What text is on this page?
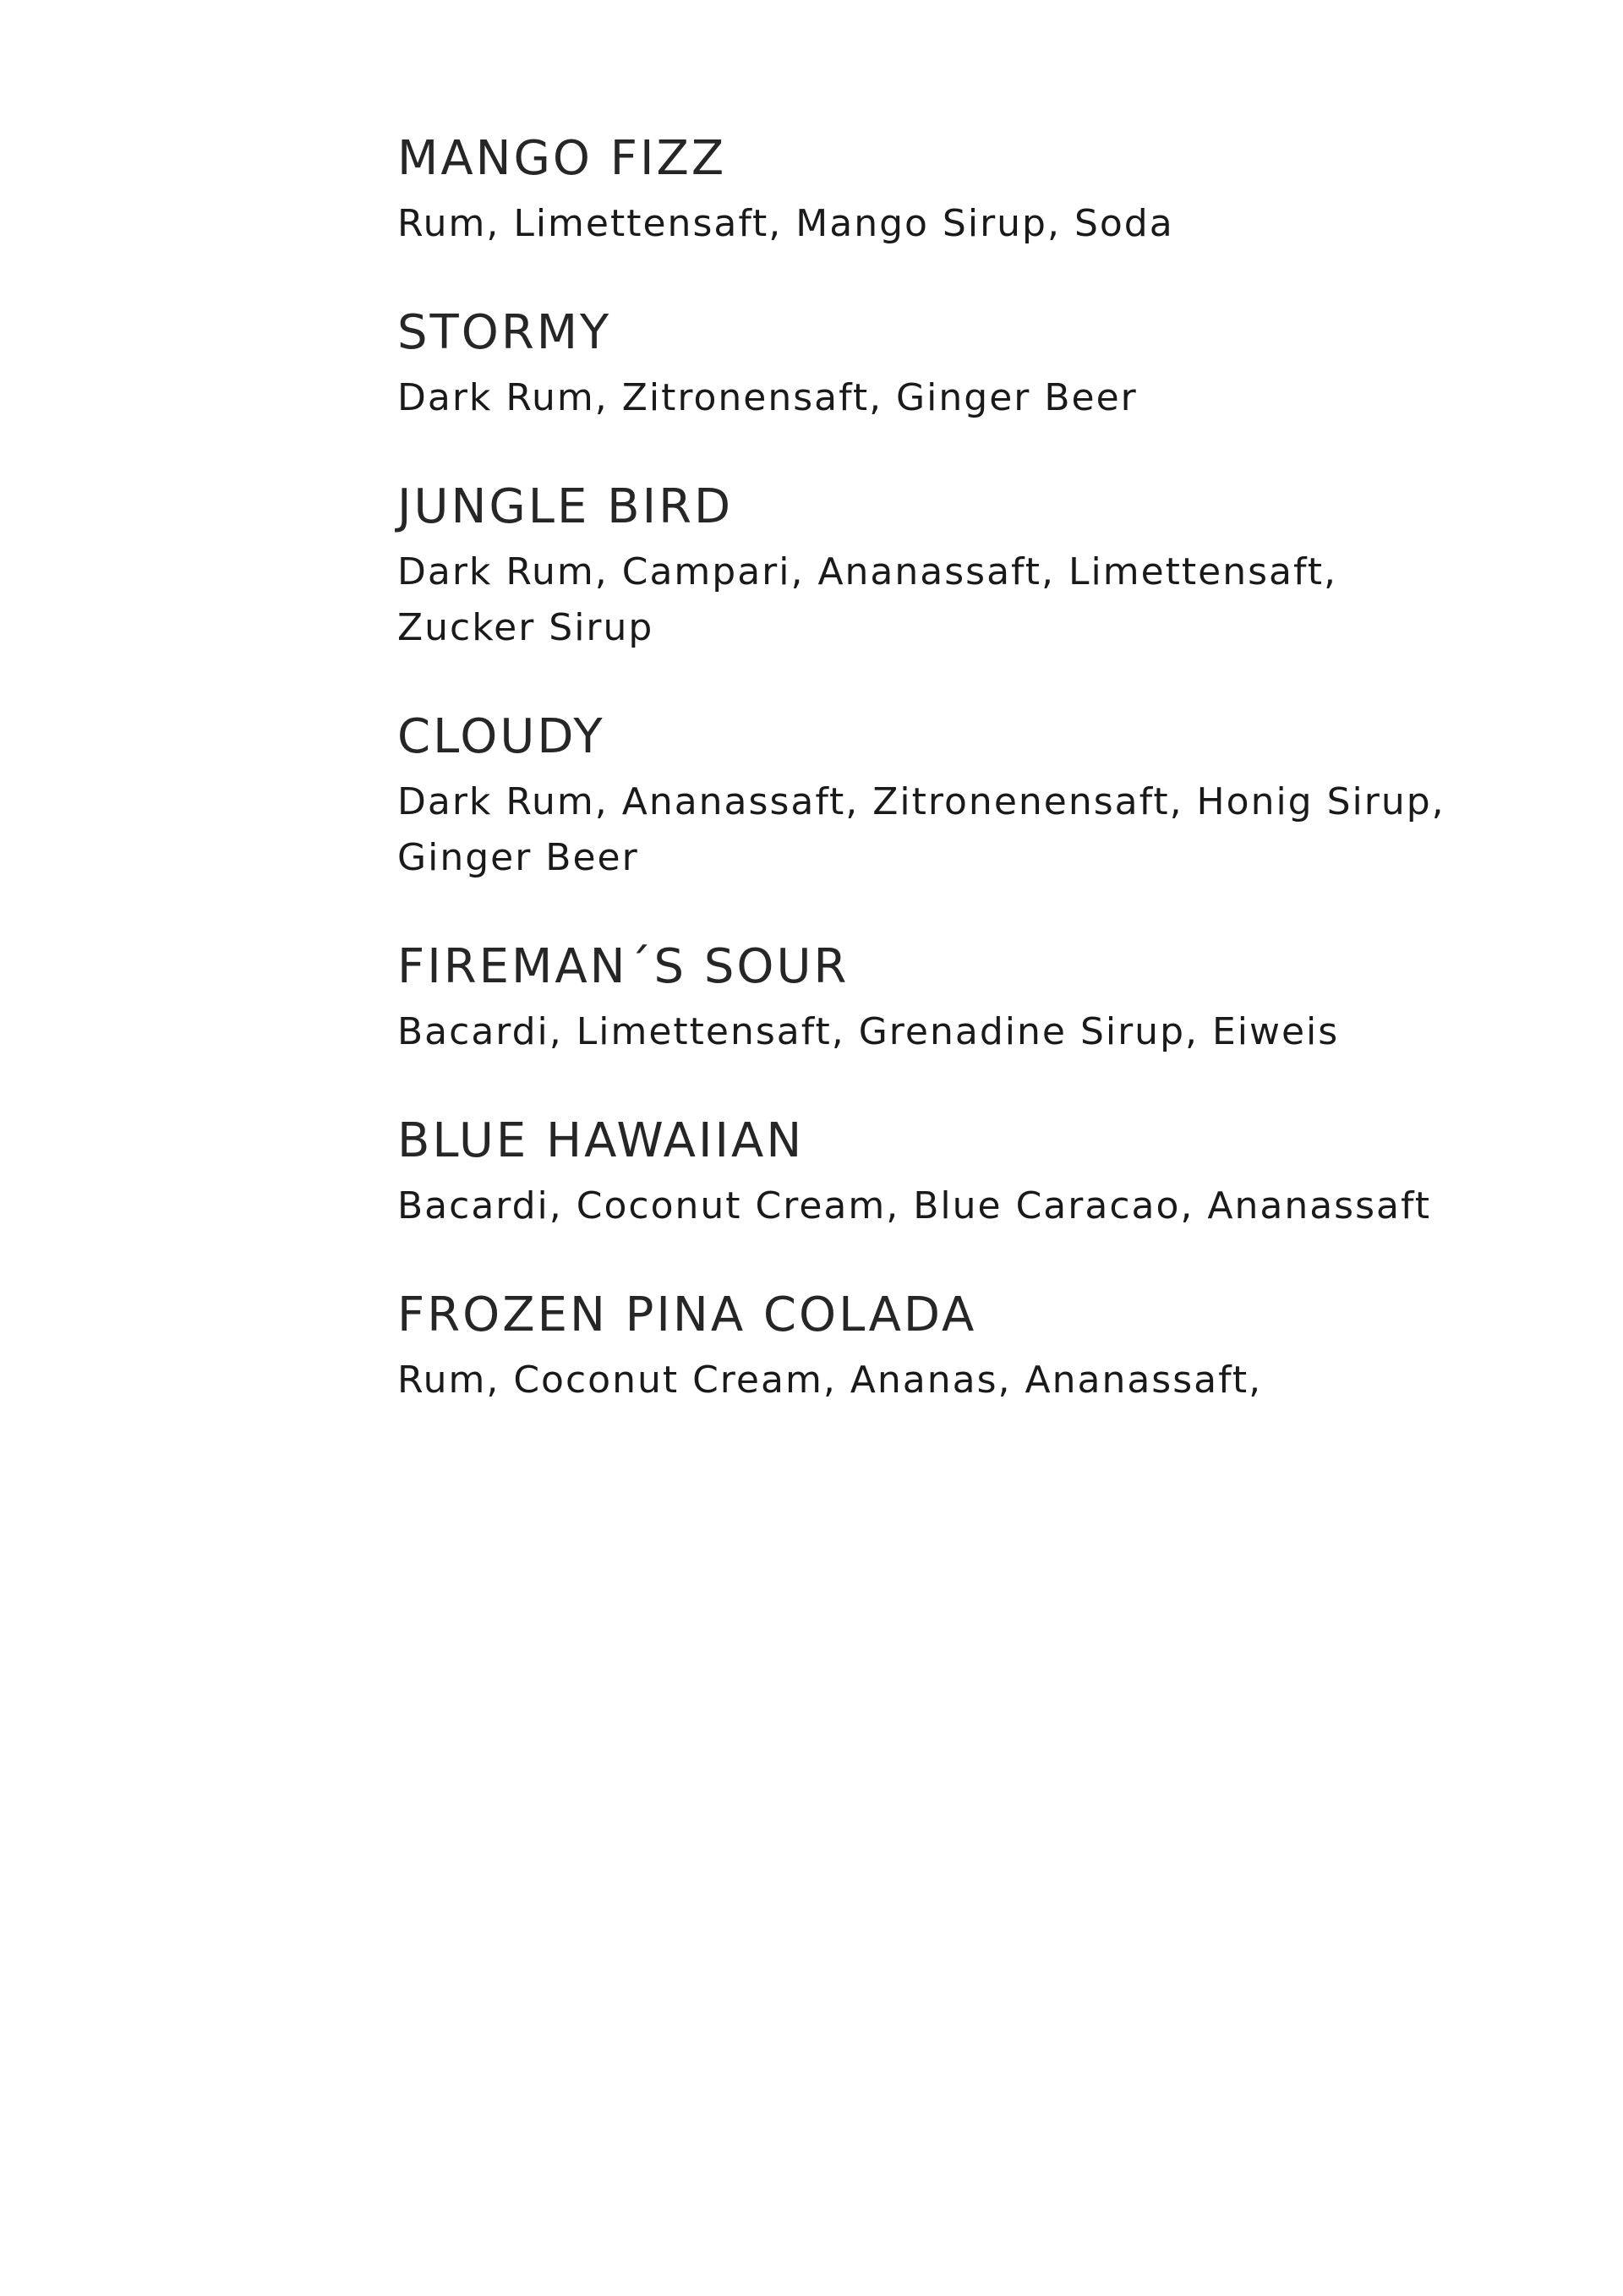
MANGO FIZZ
Rum, Limettensaft, Mango Sirup, Soda
STORMY
Dark Rum, Zitronensaft, Ginger Beer
JUNGLE BIRD
Dark Rum, Campari, Ananassaft, Limettensaft, Zucker Sirup
CLOUDY
Dark Rum, Ananassaft, Zitronenensaft, Honig Sirup, Ginger Beer
FIREMAN´S SOUR
Bacardi, Limettensaft, Grenadine Sirup, Eiweis
BLUE HAWAIIAN
Bacardi, Coconut Cream, Blue Caracao, Ananassaft
FROZEN PINA COLADA
Rum, Coconut Cream, Ananas, Ananassaft,
